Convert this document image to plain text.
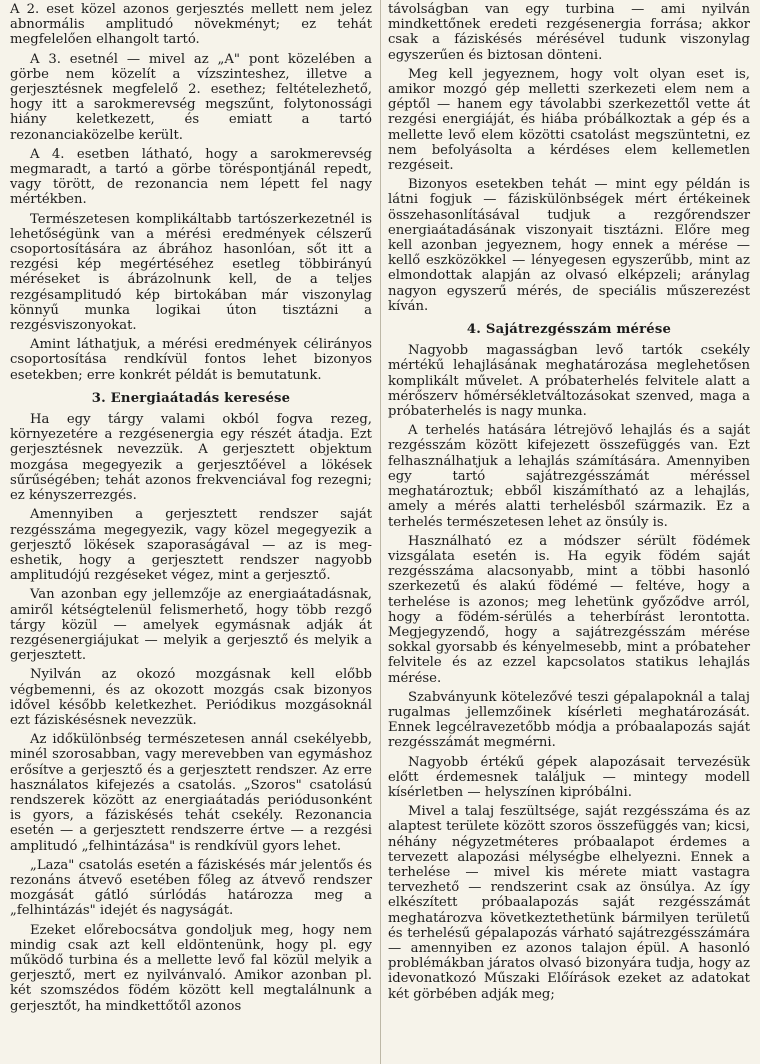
A 2. eset közel azonos gerjesztés mellett nem jelez abnormális amplitudó növekményt; ez tehát megfelelően elhangolt tartó.

A 3. esetnél — mivel az „A" pont közelében a görbe nem közelít a vízszinteshez, illetve a gerjesztésnek megfelelő 2. esethez; feltételezhető, hogy itt a sarokmerevség megszűnt, folytonossági hiány keletkezett, és emiatt a tartó rezonanciaközelbe került.

A 4. esetben látható, hogy a sarokmerevség megmaradt, a tartó a görbe töréspontjánál repedt, vagy törött, de rezonancia nem lépett fel nagy mértékben.

Természetesen komplikáltabb tartószerkezetnél is lehetőségünk van a mérési eredmények célszerű csoportosítására az ábrához hasonlóan, sőt itt a rezgési kép megértéséhez esetleg többirányú méréseket is ábrázolnunk kell, de a teljes rezgésamplitudó kép birtokában már viszonylag könnyű munka logikai úton tisztázni a rezgésviszonyokat.

Amint láthatjuk, a mérési eredmények célirányos csoportosítása rendkívül fontos lehet bizonyos esetekben; erre konkrét példát is bemutatunk.

3. Energiaátadás keresése

Ha egy tárgy valami okból fogva rezeg, környezetére a rezgésenergia egy részét átadja. Ezt gerjesztésnek nevezzük. A gerjesztett objektum mozgása megegyezik a gerjesztőével a lökések sűrűségében; tehát azonos frekvenciával fog rezegni; ez kényszerrezgés.

Amennyiben a gerjesztett rendszer saját rezgésszáma megegyezik, vagy közel megegyezik a gerjesztő lökések szaporaságával — az is meg-eshetik, hogy a gerjesztett rendszer nagyobb amplitudójú rezgéseket végez, mint a gerjesztő.

Van azonban egy jellemzője az energiaátadásnak, amiről kétségtelenül felismerhető, hogy több rezgő tárgy közül — amelyek egymásnak adják át rezgésenergiájukat — melyik a gerjesztő és melyik a gerjesztett.

Nyilván az okozó mozgásnak kell előbb végbemenni, és az okozott mozgás csak bizonyos idővel később keletkezhet. Periódikus mozgásoknál ezt fáziskésésnek nevezzük.

Az időkülönbség természetesen annál csekélyebb, minél szorosabban, vagy merevebben van egymáshoz erősítve a gerjesztő és a gerjesztett rendszer. Az erre használatos kifejezés a csatolás. „Szoros" csatolású rendszerek között az energiaátadás periódusonként is gyors, a fáziskésés tehát csekély. Rezonancia esetén — a gerjesztett rendszerre értve — a rezgési amplitudó „felhintázása" is rendkívül gyors lehet.

„Laza" csatolás esetén a fáziskésés már jelentős és rezonáns átvevő esetében főleg az átvevő rendszer mozgását gátló súrlódás határozza meg a „felhintázás" idejét és nagyságát.

Ezeket előrebocsátva gondoljuk meg, hogy nem mindig csak azt kell eldöntenünk, hogy pl. egy működő turbina és a mellette levő fal közül melyik a gerjesztő, mert ez nyilvánvaló. Amikor azonban pl. két szomszédos födém között kell megtalálnunk a gerjesztőt, ha mindkettőtől azonos

távolságban van egy turbina — ami nyilván mindkettőnek eredeti rezgésenergia forrása; akkor csak a fáziskésés mérésével tudunk viszonylag egyszerűen és biztosan dönteni.

Meg kell jegyeznem, hogy volt olyan eset is, amikor mozgó gép melletti szerkezeti elem nem a géptől — hanem egy távolabbi szerkezettől vette át rezgési energiáját, és hiába próbálkoztak a gép és a mellette levő elem közötti csatolást megszüntetni, ez nem befolyásolta a kérdéses elem kellemetlen rezgéseit.

Bizonyos esetekben tehát — mint egy példán is látni fogjuk — fáziskülönbségek mért értékeinek összehasonlításával tudjuk a rezgőrendszer energiaátadásának viszonyait tisztázni. Előre meg kell azonban jegyeznem, hogy ennek a mérése — kellő eszközökkel — lényegesen egyszerűbb, mint az elmondottak alapján az olvasó elképzeli; aránylag nagyon egyszerű mérés, de speciális műszerezést kíván.

4. Sajátrezgésszám mérése

Nagyobb magasságban levő tartók csekély mértékű lehajlásának meghatározása meglehetősen komplikált művelet. A próbaterhelés felvitele alatt a mérőszerv hőmérsékletváltozásokat szenved, maga a próbaterhelés is nagy munka.

A terhelés hatására létrejövő lehajlás és a saját rezgésszám között kifejezett összefüggés van. Ezt felhasználhatjuk a lehajlás számítására. Amennyiben egy tartó sajátrezgésszámát méréssel meghatároztuk; ebből kiszámítható az a lehajlás, amely a mérés alatti terhelésből származik. Ez a terhelés természetesen lehet az önsúly is.

Használható ez a módszer sérült födémek vizsgálata esetén is. Ha egyik födém saját rezgésszáma alacsonyabb, mint a többi hasonló szerkezetű és alakú födémé — feltéve, hogy a terhelése is azonos; meg lehetünk győződve arról, hogy a födém-sérülés a teherbírást lerontotta. Megjegyzendő, hogy a sajátrezgésszám mérése sokkal gyorsabb és kényelmesebb, mint a próbateher felvitele és az ezzel kapcsolatos statikus lehajlás mérése.

Szabványunk kötelezővé teszi gépalapoknál a talaj rugalmas jellemzőinek kísérleti meghatározását. Ennek legcélravezetőbb módja a próbaalapozás saját rezgésszámát megmérni.

Nagyobb értékű gépek alapozásait tervezésük előtt érdemesnek találjuk — mintegy modell kísérletben — helyszínen kipróbálni.

Mivel a talaj feszültsége, saját rezgésszáma és az alaptest területe között szoros összefüggés van; kicsi, néhány négyzetméteres próbaalapot érdemes a tervezett alapozási mélységbe elhelyezni. Ennek a terhelése — mivel kis mérete miatt vastagra tervezhető — rendszerint csak az önsúlya. Az így elkészített próbaalapozás saját rezgésszámát meghatározva következtethetünk bármilyen területű és terhelésű gépalapozás várható sajátrezgésszámára — amennyiben ez azonos talajon épül. A hasonló problémákban járatos olvasó bizonyára tudja, hogy az idevonatkozó Műszaki Előírások ezeket az adatokat két görbében adják meg;
